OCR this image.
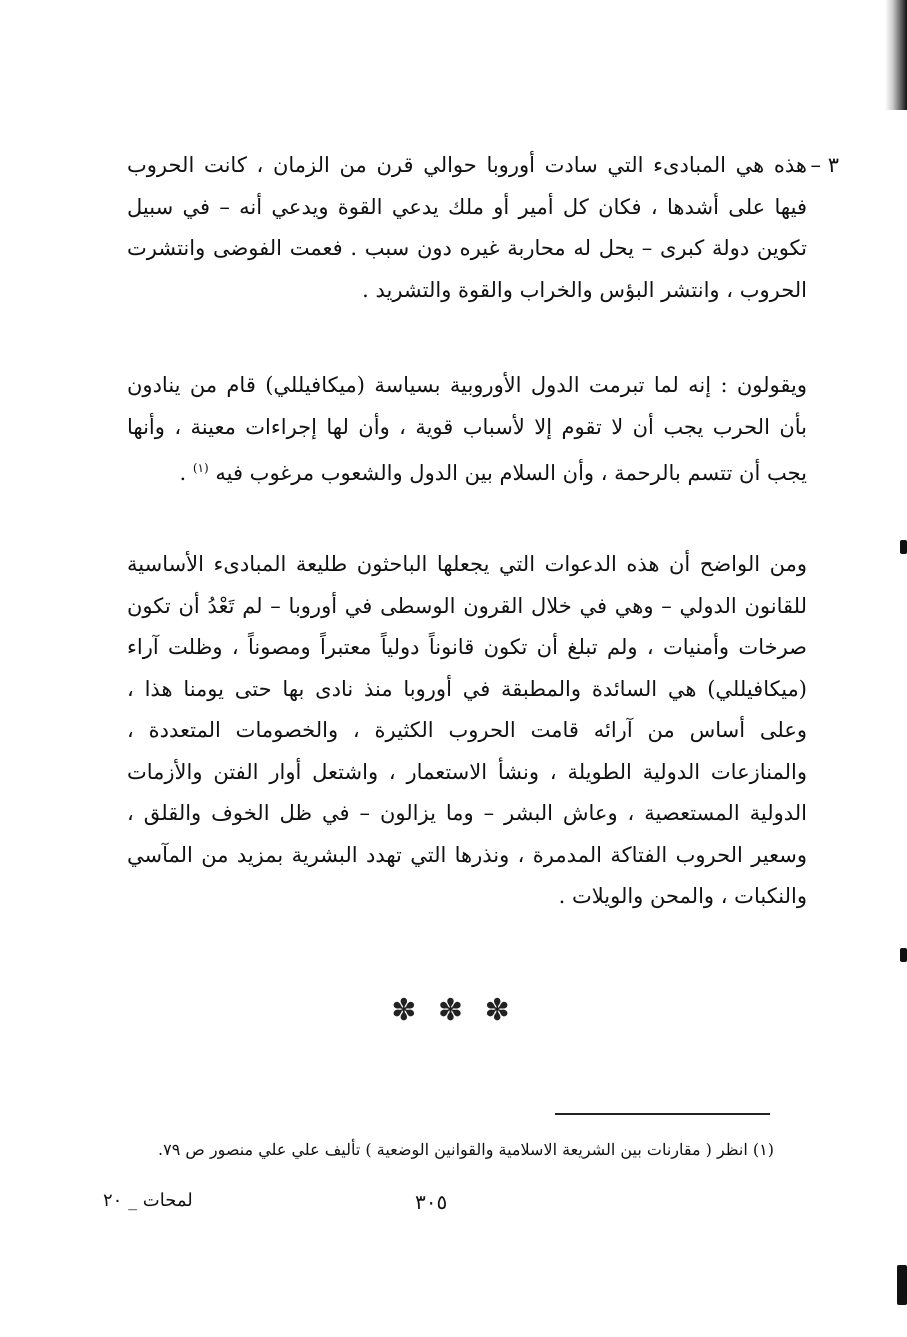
٣ –

هذه هي المبادىء التي سادت أوروبا حوالي قرن من الزمان ، كانت الحروب فيها على أشدها ، فكان كل أمير أو ملك يدعي القوة ويدعي أنه – في سبيل تكوين دولة كبرى – يحل له محاربة غيره دون سبب . فعمت الفوضى وانتشرت الحروب ، وانتشر البؤس والخراب والقوة والتشريد .

ويقولون : إنه لما تبرمت الدول الأوروبية بسياسة (ميكافيللي) قام من ينادون بأن الحرب يجب أن لا تقوم إلا لأسباب قوية ، وأن لها إجراءات معينة ، وأنها يجب أن تتسم بالرحمة ، وأن السلام بين الدول والشعوب مرغوب فيه $^{(١)}$ .

ومن الواضح أن هذه الدعوات التي يجعلها الباحثون طليعة المبادىء الأساسية للقانون الدولي – وهي في خلال القرون الوسطى في أوروبا – لم تَعْدُ أن تكون صرخات وأمنيات ، ولم تبلغ أن تكون قانوناً دولياً معتبراً ومصوناً ، وظلت آراء (ميكافيللي) هي السائدة والمطبقة في أوروبا منذ نادى بها حتى يومنا هذا ، وعلى أساس من آرائه قامت الحروب الكثيرة ، والخصومات المتعددة ، والمنازعات الدولية الطويلة ، ونشأ الاستعمار ، واشتعل أوار الفتن والأزمات الدولية المستعصية ، وعاش البشر – وما يزالون – في ظل الخوف والقلق ، وسعير الحروب الفتاكة المدمرة ، ونذرها التي تهدد البشرية بمزيد من المآسي والنكبات ، والمحن والويلات .

✽ ✽ ✽
(١) انظر ( مقارنات بين الشريعة الاسلامية والقوانين الوضعية ) تأليف علي علي منصور ص ٧٩.
٣٠٥
لمحات _ ٢٠
